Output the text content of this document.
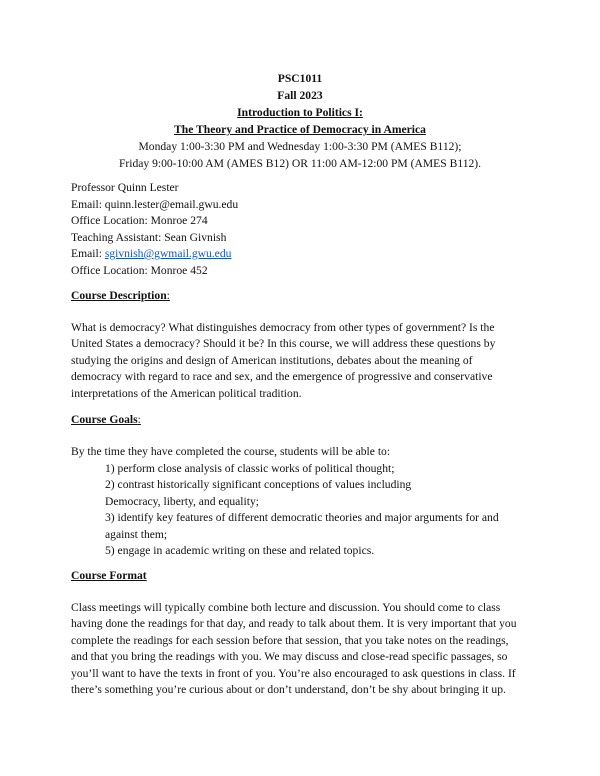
PSC1011
Fall 2023
Introduction to Politics I:
The Theory and Practice of Democracy in America
Monday 1:00-3:30 PM and Wednesday 1:00-3:30 PM (AMES B112);
Friday 9:00-10:00 AM (AMES B12) OR 11:00 AM-12:00 PM (AMES B112).
Professor Quinn Lester
Email: quinn.lester@email.gwu.edu
Office Location: Monroe 274
Teaching Assistant: Sean Givnish
Email: sgivnish@gwmail.gwu.edu
Office Location: Monroe 452
Course Description:
What is democracy? What distinguishes democracy from other types of government? Is the
United States a democracy? Should it be? In this course, we will address these questions by
studying the origins and design of American institutions, debates about the meaning of
democracy with regard to race and sex, and the emergence of progressive and conservative
interpretations of the American political tradition.
Course Goals:
By the time they have completed the course, students will be able to:
1) perform close analysis of classic works of political thought;
2) contrast historically significant conceptions of values including
Democracy, liberty, and equality;
3) identify key features of different democratic theories and major arguments for and
against them;
5) engage in academic writing on these and related topics.
Course Format
Class meetings will typically combine both lecture and discussion. You should come to class
having done the readings for that day, and ready to talk about them. It is very important that you
complete the readings for each session before that session, that you take notes on the readings,
and that you bring the readings with you. We may discuss and close-read specific passages, so
you’ll want to have the texts in front of you. You’re also encouraged to ask questions in class. If
there’s something you’re curious about or don’t understand, don’t be shy about bringing it up.
